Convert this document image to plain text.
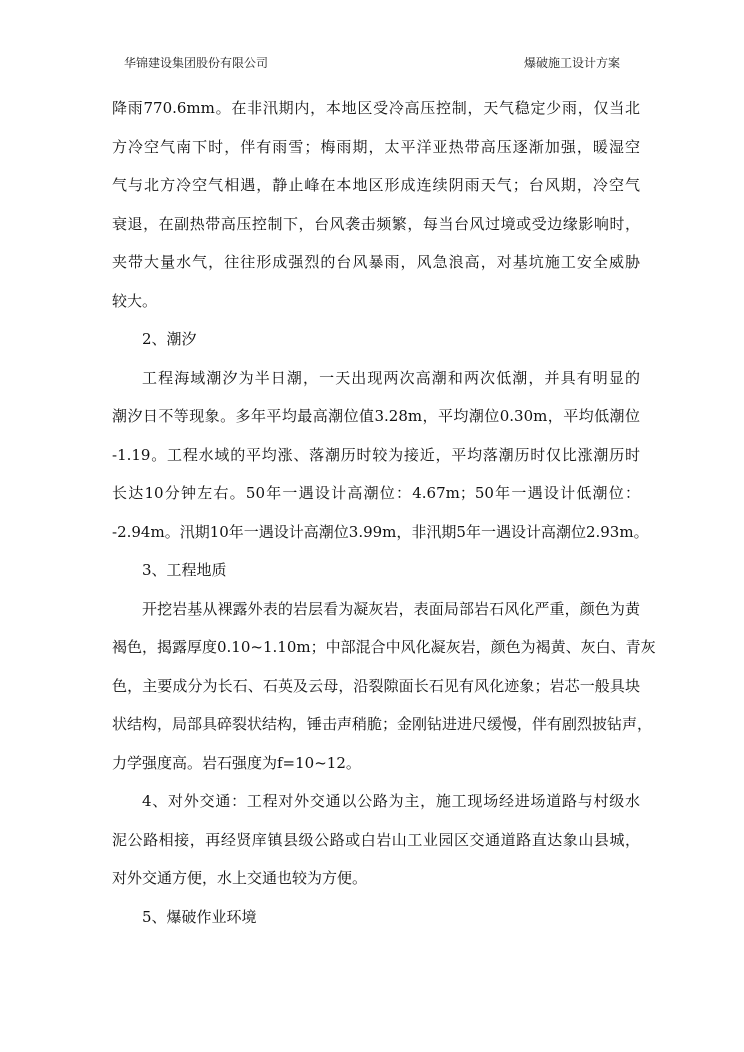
华锦建设集团股份有限公司	爆破施工设计方案
降雨770.6mm。在非汛期内，本地区受冷高压控制，天气稳定少雨，仅当北
方冷空气南下时，伴有雨雪；梅雨期，太平洋亚热带高压逐渐加强，暖湿空
气与北方冷空气相遇，静止峰在本地区形成连续阴雨天气；台风期，冷空气
衰退，在副热带高压控制下，台风袭击频繁，每当台风过境或受边缘影响时，
夹带大量水气，往往形成强烈的台风暴雨，风急浪高，对基坑施工安全威胁
较大。
2、潮汐
工程海域潮汐为半日潮，一天出现两次高潮和两次低潮，并具有明显的
潮汐日不等现象。多年平均最高潮位值3.28m，平均潮位0.30m，平均低潮位
-1.19。工程水域的平均涨、落潮历时较为接近，平均落潮历时仅比涨潮历时
长达10分钟左右。50年一遇设计高潮位：4.67m；50年一遇设计低潮位：
-2.94m。汛期10年一遇设计高潮位3.99m，非汛期5年一遇设计高潮位2.93m。
3、工程地质
开挖岩基从裸露外表的岩层看为凝灰岩，表面局部岩石风化严重，颜色为黄
褐色，揭露厚度0.10~1.10m；中部混合中风化凝灰岩，颜色为褐黄、灰白、青灰
色，主要成分为长石、石英及云母，沿裂隙面长石见有风化迹象；岩芯一般具块
状结构，局部具碎裂状结构，锤击声稍脆；金刚钻进进尺缓慢，伴有剧烈披钻声，
力学强度高。岩石强度为f=10~12。
4、对外交通：工程对外交通以公路为主，施工现场经进场道路与村级水
泥公路相接，再经贤庠镇县级公路或白岩山工业园区交通道路直达象山县城，
对外交通方便，水上交通也较为方便。
5、爆破作业环境
